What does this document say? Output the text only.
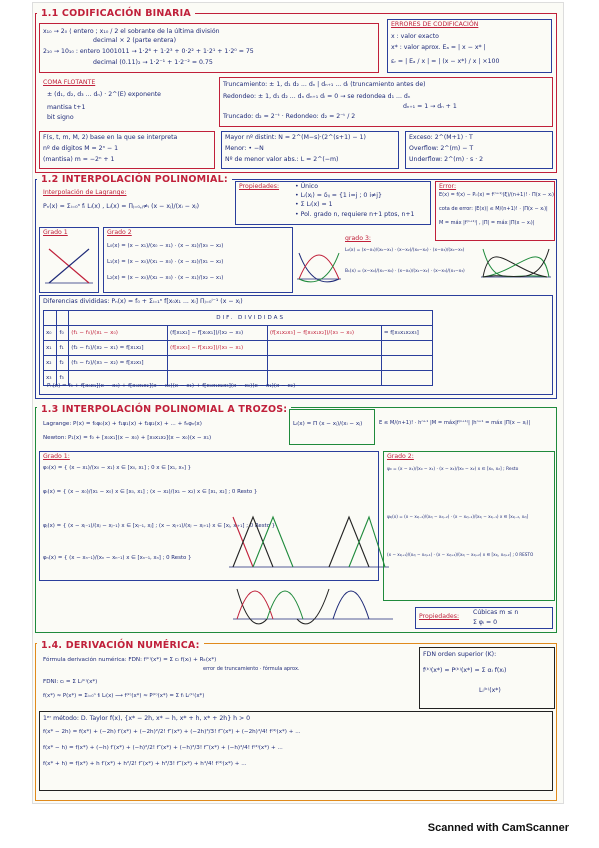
1.1 CODIFICACIÓN BINARIA
x₁₀ → 2₀ ⟨ entero ; x₁₀ / 2 el sobrante de la última división
decimal × 2 (parte entera)
2₁₀ → 10₁₀ : entero 1001011 → 1·2⁶ + 1·2³ + 0·2² + 1·2¹ + 1·2⁰ = 75
decimal (0.11)₂ → 1·2⁻¹ + 1·2⁻² = 0.75
ERRORES DE CODIFICACIÓN
x : valor exacto
x* : valor aprox. Eₐ = | x − x* |
εᵣ = | Eₐ / x | = | (x − x*) / x | ×100
COMA FLOTANTE
± (d₁, d₂, d₃ ... dₙ) · 2^(E) exponente
mantisa t+1
bit signo
Truncamiento: ± 1, d₁ d₂ ... dₙ | dₙ₊₁ ... dᵢ (truncamiento antes de)
Redondeo: ± 1, d₁ d₂ ... dₙ dₙ₊₁ dᵢ = 0 → se redondea d₁ ... dₙ
dₙ₊₁ = 1 → dₙ + 1
Truncado: d₂ = 2⁻ᵗ · Redondeo: d₂ = 2⁻ᵗ / 2
F(s, t, m, M, 2) base en la que se interpreta
nº de dígitos M = 2ⁿ − 1
(mantisa) m = −2ⁿ + 1
Mayor nº distint: N = 2^(M−s)·(2^(s+1) − 1)
Menor: • −N
Nº de menor valor abs.: L = 2^(−m)
Exceso: 2^(M+1) · T
Overflow: 2^(m) − T
Underflow: 2^(m) · s · 2
1.2 INTERPOLACIÓN POLINOMIAL:
Interpolación de Lagrange:
Pₙ(x) = Σᵢ₌₀ⁿ fᵢ Lᵢ(x) , Lᵢ(x) = Πⱼ₌₀,ⱼ≠ᵢ (x − xⱼ)/(xᵢ − xⱼ)
Propiedades:	• Único
• Lᵢ(xⱼ) = δᵢⱼ = {1 i=j ; 0 i≠j}
• Σ Lᵢ(x) = 1
• Pol. grado n, requiere n+1 ptos, n+1
Error:
E(x) = f(x) − Pₙ(x) = f⁽ⁿ⁺¹⁾(ξ)/(n+1)! · Π(x − xᵢ)
cota de error: |E(x)| ≤ M/(n+1)! · |Π(x − xᵢ)|
M = máx |f⁽ⁿ⁺¹⁾| , |Π| = máx |Π(x − xᵢ)|
Grado 1	Grado 2
L₀(x) = (x − x₁)/(x₀ − x₁) · (x − x₂)/(x₀ − x₂)
L₁(x) = (x − x₀)/(x₁ − x₀) · (x − x₂)/(x₁ − x₂)
L₂(x) = (x − x₀)/(x₂ − x₀) · (x − x₁)/(x₂ − x₁)
grado 3:
L₀(x) = (x−x₁)/(x₀−x₁) · (x−x₂)/(x₀−x₂) · (x−x₃)/(x₀−x₃)
B₁(x) = (x−x₀)/(x₁−x₀) · (x−x₂)/(x₁−x₂) · (x−x₃)/(x₁−x₃)
Diferencias divididas: Pₙ(x) = f₀ + Σᵢ₌₁ⁿ f[x₀x₁ ... xᵢ] Πⱼ₌₀ⁱ⁻¹ (x − xⱼ)
		DIF. DIVIDIDAS			
x₀	f₀	(f₁ − f₀)/(x₁ − x₀)	(f[x₁x₂] − f[x₀x₁])/(x₂ − x₀)	(f[x₁x₂x₃] − f[x₀x₁x₂])/(x₃ − x₀)	= f[x₀x₁x₂x₃]
x₁	f₁	(f₂ − f₁)/(x₂ − x₁) = f[x₁x₂]	(f[x₂x₃] − f[x₁x₂])/(x₃ − x₁)		
x₂	f₂	(f₃ − f₂)/(x₃ − x₂) = f[x₂x₃]			
x₃	f₃				
Pₙ(x) = f₀ + f[x₀x₁](x − x₀) + f[x₀x₁x₂](x − x₀)(x − x₁) + f[x₀x₁x₂x₃](x − x₀)(x − x₁)(x − x₂)
1.3 INTERPOLACIÓN POLINOMIAL A TROZOS:
Lagrange: P(x) = f₀φ₀(x) + f₁φ₁(x) + f₂φ₂(x) + ... + fₙφₙ(x)
Newton: P₁(x) = f₀ + [x₀x₁](x − x₀) + [x₀x₁x₂](x − x₀)(x − x₁)
Lᵢ(x) = Π (x − xⱼ)/(xᵢ − xⱼ)	E ≤ M/(n+1)! · hⁿ⁺¹ |M = máx|f⁽ⁿ⁺¹⁾| |hⁿ⁺¹ = máx |Π(x − xⱼ)|
Grado 1:
φ₀(x) = { (x − x₁)/(x₀ − x₁) x ∈ [x₀, x₁] ; 0 x ∈ [x₁, xₙ] }
φᵢ(x) = { (x − x₀)/(x₁ − x₀) x ∈ [x₀, x₁] ; (x − x₂)/(x₁ − x₂) x ∈ [x₁, x₂] ; 0 Resto }
φⱼ(x) = { (x − xⱼ₋₁)/(xⱼ − xⱼ₋₁) x ∈ [xⱼ₋₁, xⱼ] ; (x − xⱼ₊₁)/(xⱼ − xⱼ₊₁) x ∈ [xⱼ, xⱼ₊₁] ; 0 Resto }
φₙ(x) = { (x − xₙ₋₁)/(xₙ − xₙ₋₁) x ∈ [xₙ₋₁, xₙ] ; 0 Resto }
Grado 2:
ψ₀ = (x − x₁)/(x₀ − x₁) · (x − x₂)/(x₀ − x₂) x ∈ [x₀, x₂] ; Resto
ψ₂ⱼ(x) = (x − x₂ⱼ₋₂)/(x₂ⱼ − x₂ⱼ₋₂) · (x − x₂ⱼ₋₁)/(x₂ⱼ − x₂ⱼ₋₁) x ∈ [x₂ⱼ₋₂, x₂ⱼ]
(x − x₂ⱼ₊₁)/(x₂ⱼ − x₂ⱼ₊₁) · (x − x₂ⱼ₊₂)/(x₂ⱼ − x₂ⱼ₊₂) x ∈ [x₂ⱼ, x₂ⱼ₊₂] ; 0 RESTO
Propiedades:
Cúbicas m ≤ n
Σ φᵢ = 0
1.4. DERIVACIÓN NUMÉRICA:
Fórmula derivación numérica: FDN: f⁽ᵏ⁾(x*) = Σ cᵢ f(xᵢ) + Rₖ(x*)
error de truncamiento · fórmula aprox.
FDNI: cᵢ = Σ Lᵢ⁽ᵏ⁾(x*)
f(x*) ≈ P(x*) = Σᵢ₌₀ⁿ fᵢ Lᵢ(x) ⟶ f⁽ᵏ⁾(x*) ≈ P⁽ᵏ⁾(x*) = Σ fᵢ Lᵢ⁽ᵏ⁾(x*)
FDN orden superior (K):
f⁽ᵏ⁾(x*) ≈ P⁽ᵏ⁾(x*) = Σ αᵢ f(xᵢ)
Lᵢ⁽ᵏ⁾(x*)
1ᵉʳ método: D. Taylor f(x), {x* − 2h, x* − h, x* + h, x* + 2h} h > 0
f(x* − 2h) = f(x*) + (−2h) f′(x*) + (−2h)²/2! f″(x*) + (−2h)³/3! f‴(x*) + (−2h)⁴/4! f⁽⁴⁾(x*) + ...
f(x* − h) = f(x*) + (−h) f′(x*) + (−h)²/2! f″(x*) + (−h)³/3! f‴(x*) + (−h)⁴/4! f⁽⁴⁾(x*) + ...
f(x* + h) = f(x*) + h f′(x*) + h²/2! f″(x*) + h³/3! f‴(x*) + h⁴/4! f⁽⁴⁾(x*) + ...
Scanned with CamScanner
